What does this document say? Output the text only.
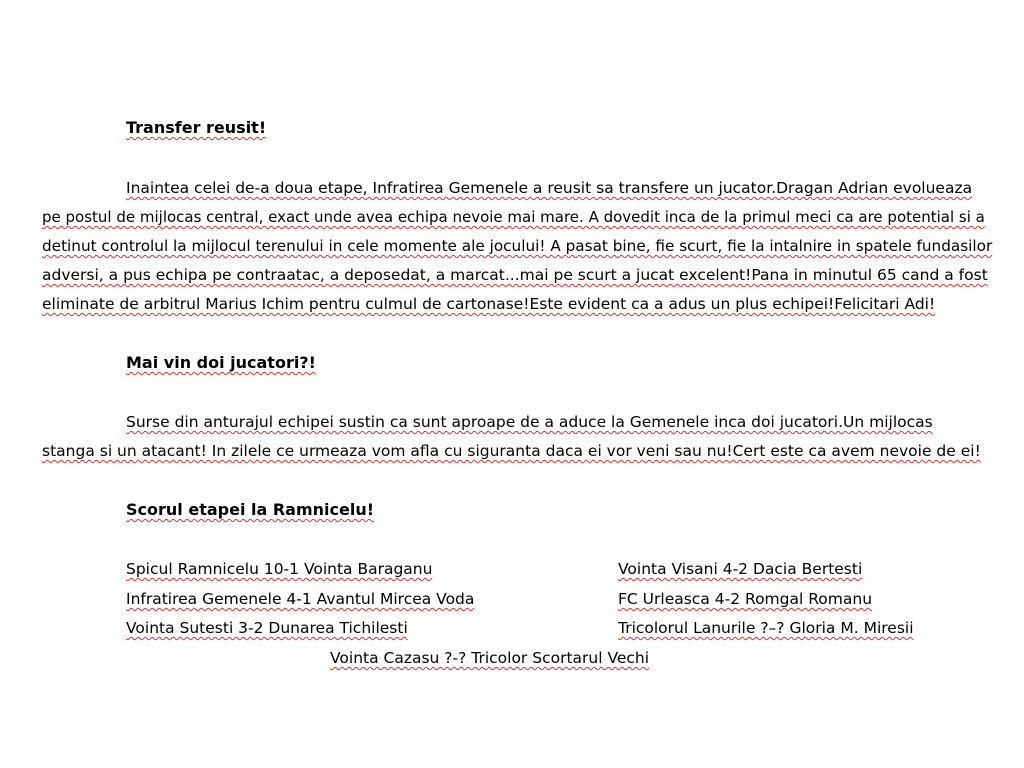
Transfer reusit!
Inaintea celei de-a doua etape, Infratirea Gemenele a reusit sa transfere un jucator.Dragan Adrian evolueaza
pe postul de mijlocas central, exact unde avea echipa nevoie mai mare. A dovedit inca de la primul meci ca are potential si a
detinut controlul la mijlocul terenului in cele momente ale jocului! A pasat bine, fie scurt, fie la intalnire in spatele fundasilor
adversi, a pus echipa pe contraatac, a deposedat, a marcat...mai pe scurt a jucat excelent!Pana in minutul 65 cand a fost
eliminate de arbitrul Marius Ichim pentru culmul de cartonase!Este evident ca a adus un plus echipei!Felicitari Adi!
Mai vin doi jucatori?!
Surse din anturajul echipei sustin ca sunt aproape de a aduce la Gemenele inca doi jucatori.Un mijlocas
stanga si un atacant! In zilele ce urmeaza vom afla cu siguranta daca ei vor veni sau nu!Cert este ca avem nevoie de ei!
Scorul etapei la Ramnicelu!
Spicul Ramnicelu 10-1 Vointa Baraganu
Infratirea Gemenele 4-1 Avantul Mircea Voda
Vointa Sutesti 3-2 Dunarea Tichilesti
Vointa Visani 4-2 Dacia Bertesti
FC Urleasca 4-2 Romgal Romanu
Tricolorul Lanurile ?–? Gloria M. Miresii
Vointa Cazasu ?-? Tricolor Scortarul Vechi
